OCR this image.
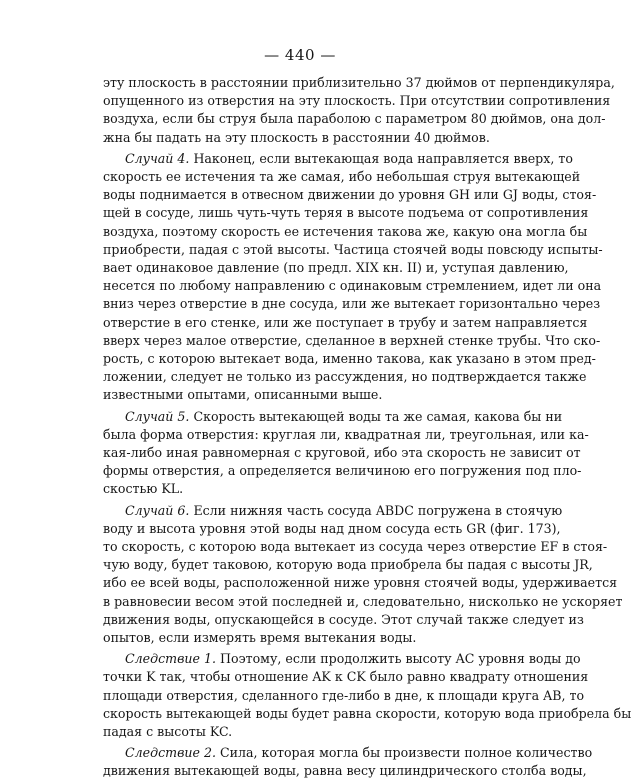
— 440 —
эту плоскость в расстоянии приблизительно 37 дюймов от перпендикуляра,
опущенного из отверстия на эту плоскость. При отсутствии сопротивления
воздуха, если бы струя была параболою с параметром 80 дюймов, она дол-
жна бы падать на эту плоскость в расстоянии 40 дюймов.
Случай 4. Наконец, если вытекающая вода направляется вверх, то
скорость ее истечения та же самая, ибо небольшая струя вытекающей
воды поднимается в отвесном движении до уровня GH или GJ воды, стоя-
щей в сосуде, лишь чуть-чуть теряя в высоте подъема от сопротивления
воздуха, поэтому скорость ее истечения такова же, какую она могла бы
приобрести, падая с этой высоты. Частица стоячей воды повсюду испыты-
вает одинаковое давление (по предл. XIX кн. II) и, уступая давлению,
несется по любому направлению с одинаковым стремлением, идет ли она
вниз через отверстие в дне сосуда, или же вытекает горизонтально через
отверстие в его стенке, или же поступает в трубу и затем направляется
вверх через малое отверстие, сделанное в верхней стенке трубы. Что ско-
рость, с которою вытекает вода, именно такова, как указано в этом пред-
ложении, следует не только из рассуждения, но подтверждается также
известными опытами, описанными выше.
Случай 5. Скорость вытекающей воды та же самая, какова бы ни
была форма отверстия: круглая ли, квадратная ли, треугольная, или ка-
кая-либо иная равномерная с круговой, ибо эта скорость не зависит от
формы отверстия, а определяется величиною его погружения под пло-
скостью KL.
Случай 6. Если нижняя часть сосуда ABDC погружена в стоячую
воду и высота уровня этой воды над дном сосуда есть GR (фиг. 173),
то скорость, с которою вода вытекает из сосуда через отверстие EF в стоя-
чую воду, будет таковою, которую вода приобрела бы падая с высоты JR,
ибо ее всей воды, расположенной ниже уровня стоячей воды, удерживается
в равновесии весом этой последней и, следовательно, нисколько не ускоряет
движения воды, опускающейся в сосуде. Этот случай также следует из
опытов, если измерять время вытекания воды.
Следствие 1. Поэтому, если продолжить высоту AC уровня воды до
точки K так, чтобы отношение AK к CK было равно квадрату отношения
площади отверстия, сделанного где-либо в дне, к площади круга AB, то
скорость вытекающей воды будет равна скорости, которую вода приобрела бы
падая с высоты KC.
Следствие 2. Сила, которая могла бы произвести полное количество
движения вытекающей воды, равна весу цилиндрического столба воды,
